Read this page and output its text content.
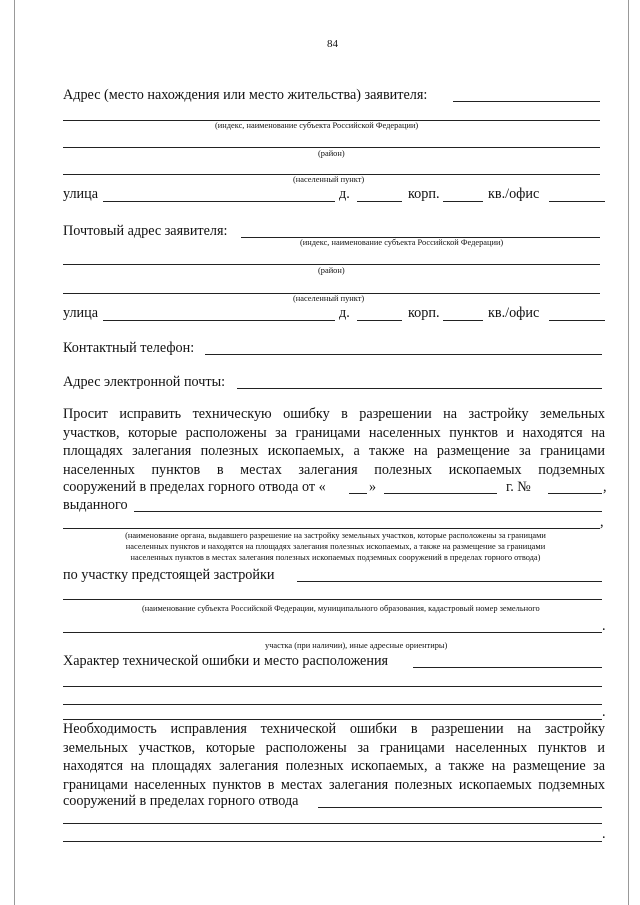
84
Адрес (место нахождения или место жительства) заявителя:
(индекс, наименование субъекта Российской Федерации)
(район)
(населенный пункт)
улица	д.	корп.	кв./офис
Почтовый адрес заявителя:
(индекс, наименование субъекта Российской Федерации)
(район)
(населенный пункт)
улица	д.	корп.	кв./офис
Контактный телефон:
Адрес электронной почты:
Просит исправить техническую ошибку в разрешении на застройку земельных
участков, которые расположены за границами населенных пунктов и находятся на
площадях залегания полезных ископаемых, а также на размещение за границами
населенных пунктов в местах залегания полезных ископаемых подземных
сооружений в пределах горного отвода от «	»	г. №	,
выданного
,
(наименование органа, выдавшего разрешение на застройку земельных участков, которые расположены за границами
населенных пунктов и находятся на площадях залегания полезных ископаемых, а также на размещение за границами
населенных пунктов в местах залегания полезных ископаемых подземных сооружений в пределах горного отвода)
по участку предстоящей застройки
(наименование субъекта Российской Федерации, муниципального образования, кадастровый номер земельного
.
участка (при наличии), иные адресные ориентиры)
Характер технической ошибки и место расположения
.
Необходимость исправления технической ошибки в разрешении на застройку
земельных участков, которые расположены за границами населенных пунктов и
находятся на площадях залегания полезных ископаемых, а также на размещение за
границами населенных пунктов в местах залегания полезных ископаемых подземных
сооружений в пределах горного отвода
.
